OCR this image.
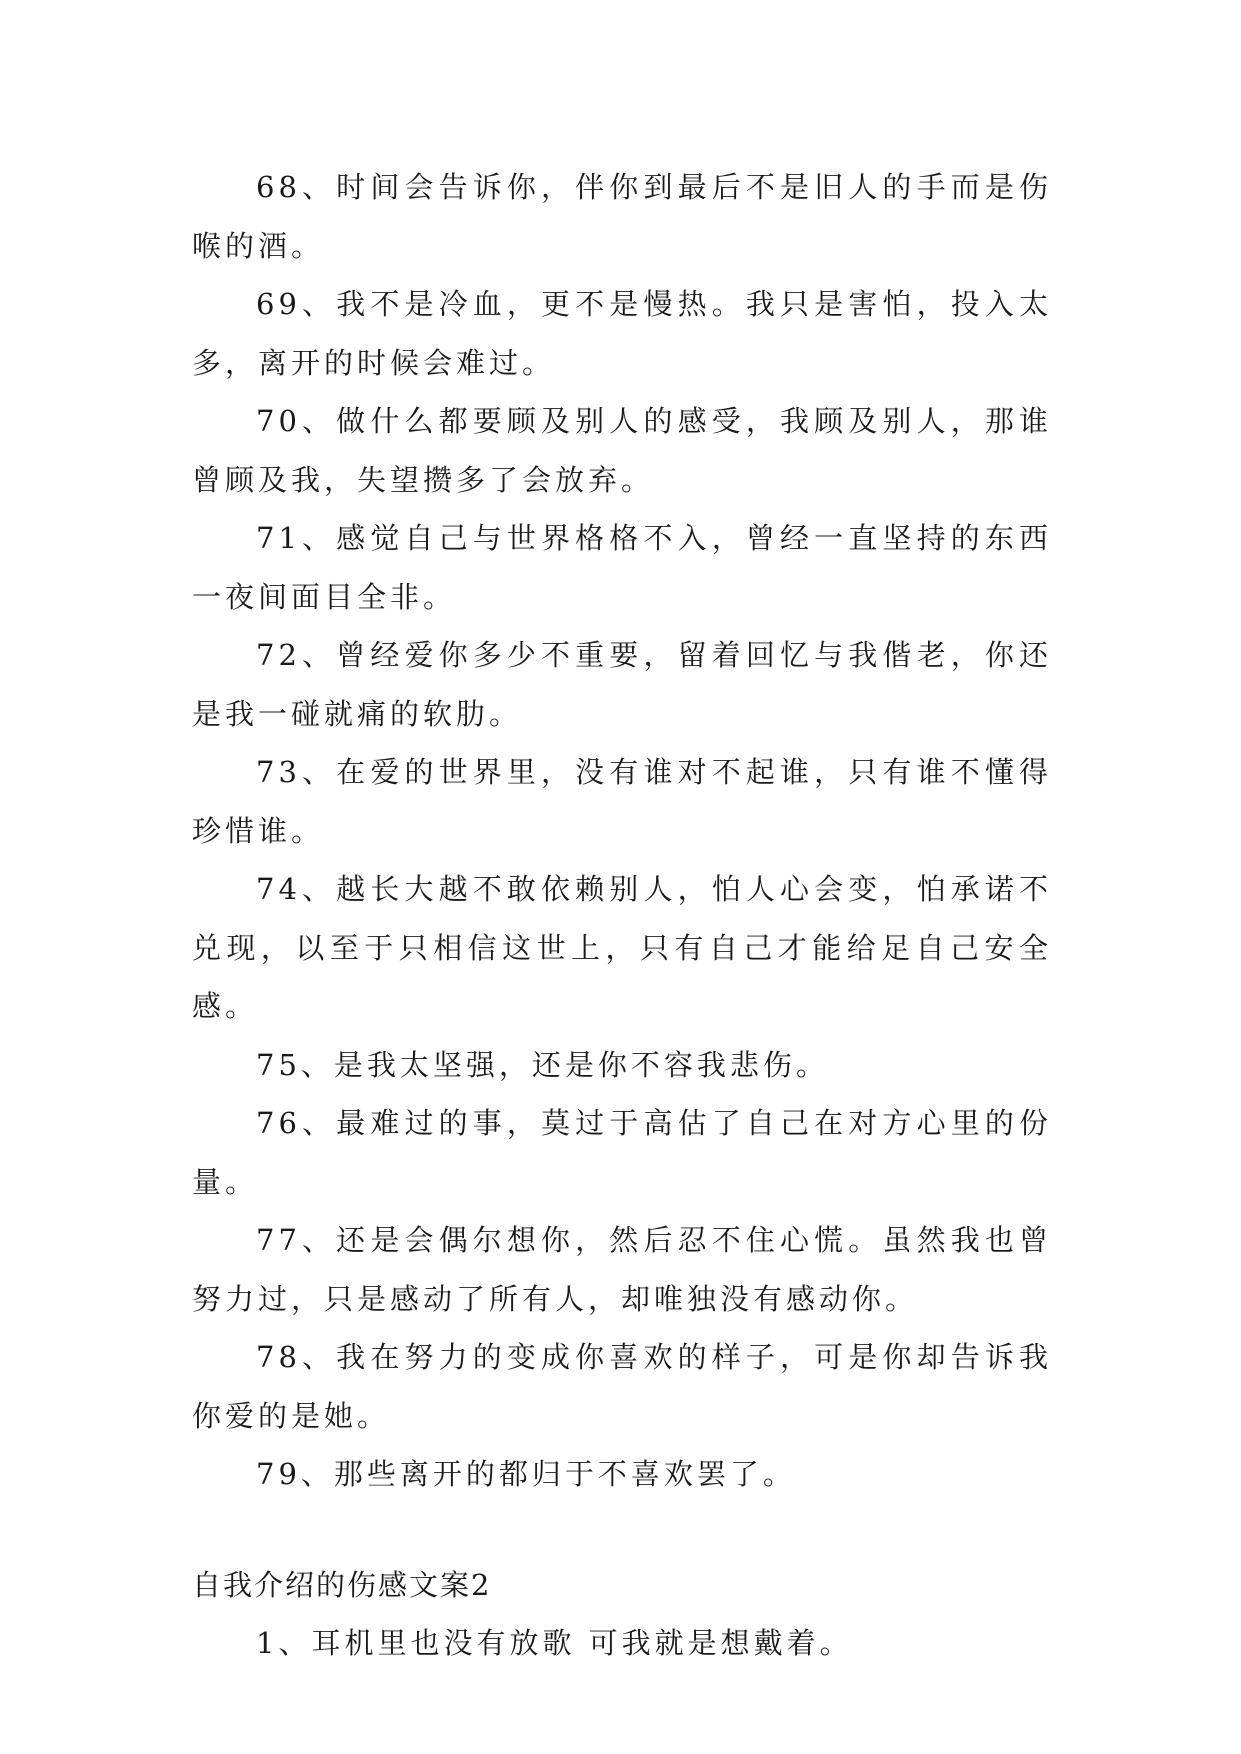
68、时间会告诉你，伴你到最后不是旧人的手而是伤喉的酒。

69、我不是冷血，更不是慢热。我只是害怕，投入太多，离开的时候会难过。

70、做什么都要顾及别人的感受，我顾及别人，那谁曾顾及我，失望攒多了会放弃。

71、感觉自己与世界格格不入，曾经一直坚持的东西一夜间面目全非。

72、曾经爱你多少不重要，留着回忆与我偕老，你还是我一碰就痛的软肋。

73、在爱的世界里，没有谁对不起谁，只有谁不懂得珍惜谁。

74、越长大越不敢依赖别人，怕人心会变，怕承诺不兑现，以至于只相信这世上，只有自己才能给足自己安全感。

75、是我太坚强，还是你不容我悲伤。

76、最难过的事，莫过于高估了自己在对方心里的份量。

77、还是会偶尔想你，然后忍不住心慌。虽然我也曾努力过，只是感动了所有人，却唯独没有感动你。

78、我在努力的变成你喜欢的样子，可是你却告诉我你爱的是她。

79、那些离开的都归于不喜欢罢了。

自我介绍的伤感文案2

1、耳机里也没有放歌 可我就是想戴着。
